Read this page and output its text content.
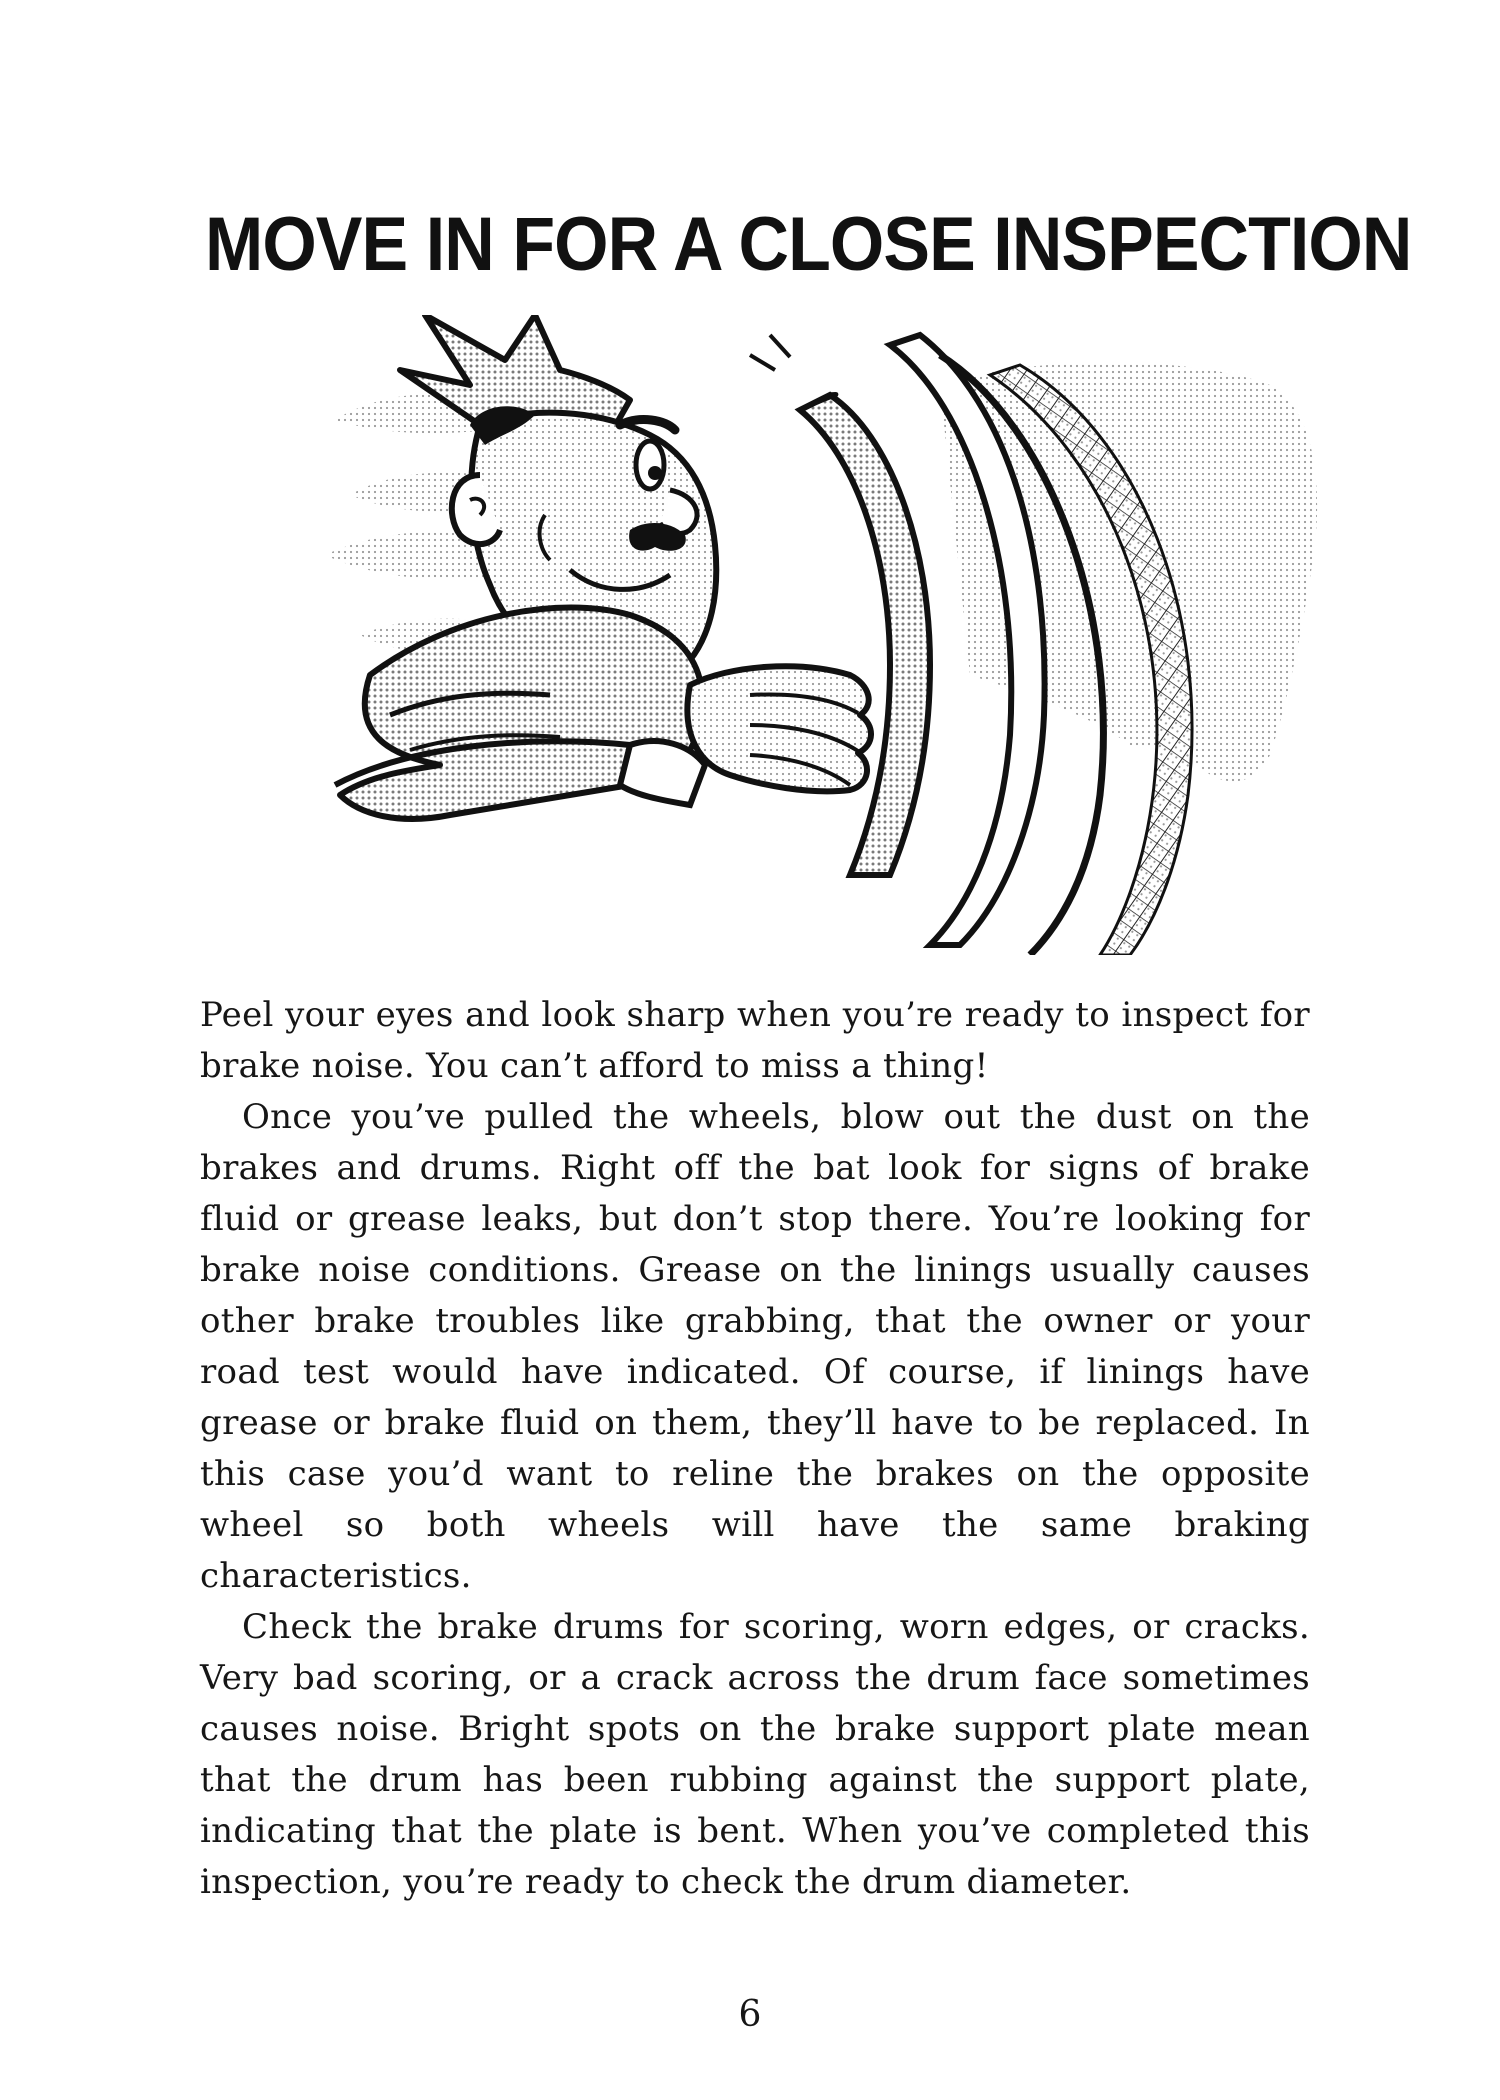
MOVE IN FOR A CLOSE INSPECTION

Peel your eyes and look sharp when you’re ready to inspect for brake noise. You can’t afford to miss a thing!

Once you’ve pulled the wheels, blow out the dust on the brakes and drums. Right off the bat look for signs of brake fluid or grease leaks, but don’t stop there. You’re looking for brake noise conditions. Grease on the linings usually causes other brake troubles like grabbing, that the owner or your road test would have indicated. Of course, if linings have grease or brake fluid on them, they’ll have to be replaced. In this case you’d want to reline the brakes on the opposite wheel so both wheels will have the same braking characteristics.

Check the brake drums for scoring, worn edges, or cracks. Very bad scoring, or a crack across the drum face sometimes causes noise. Bright spots on the brake support plate mean that the drum has been rubbing against the support plate, indicating that the plate is bent. When you’ve completed this inspection, you’re ready to check the drum diameter.

6
